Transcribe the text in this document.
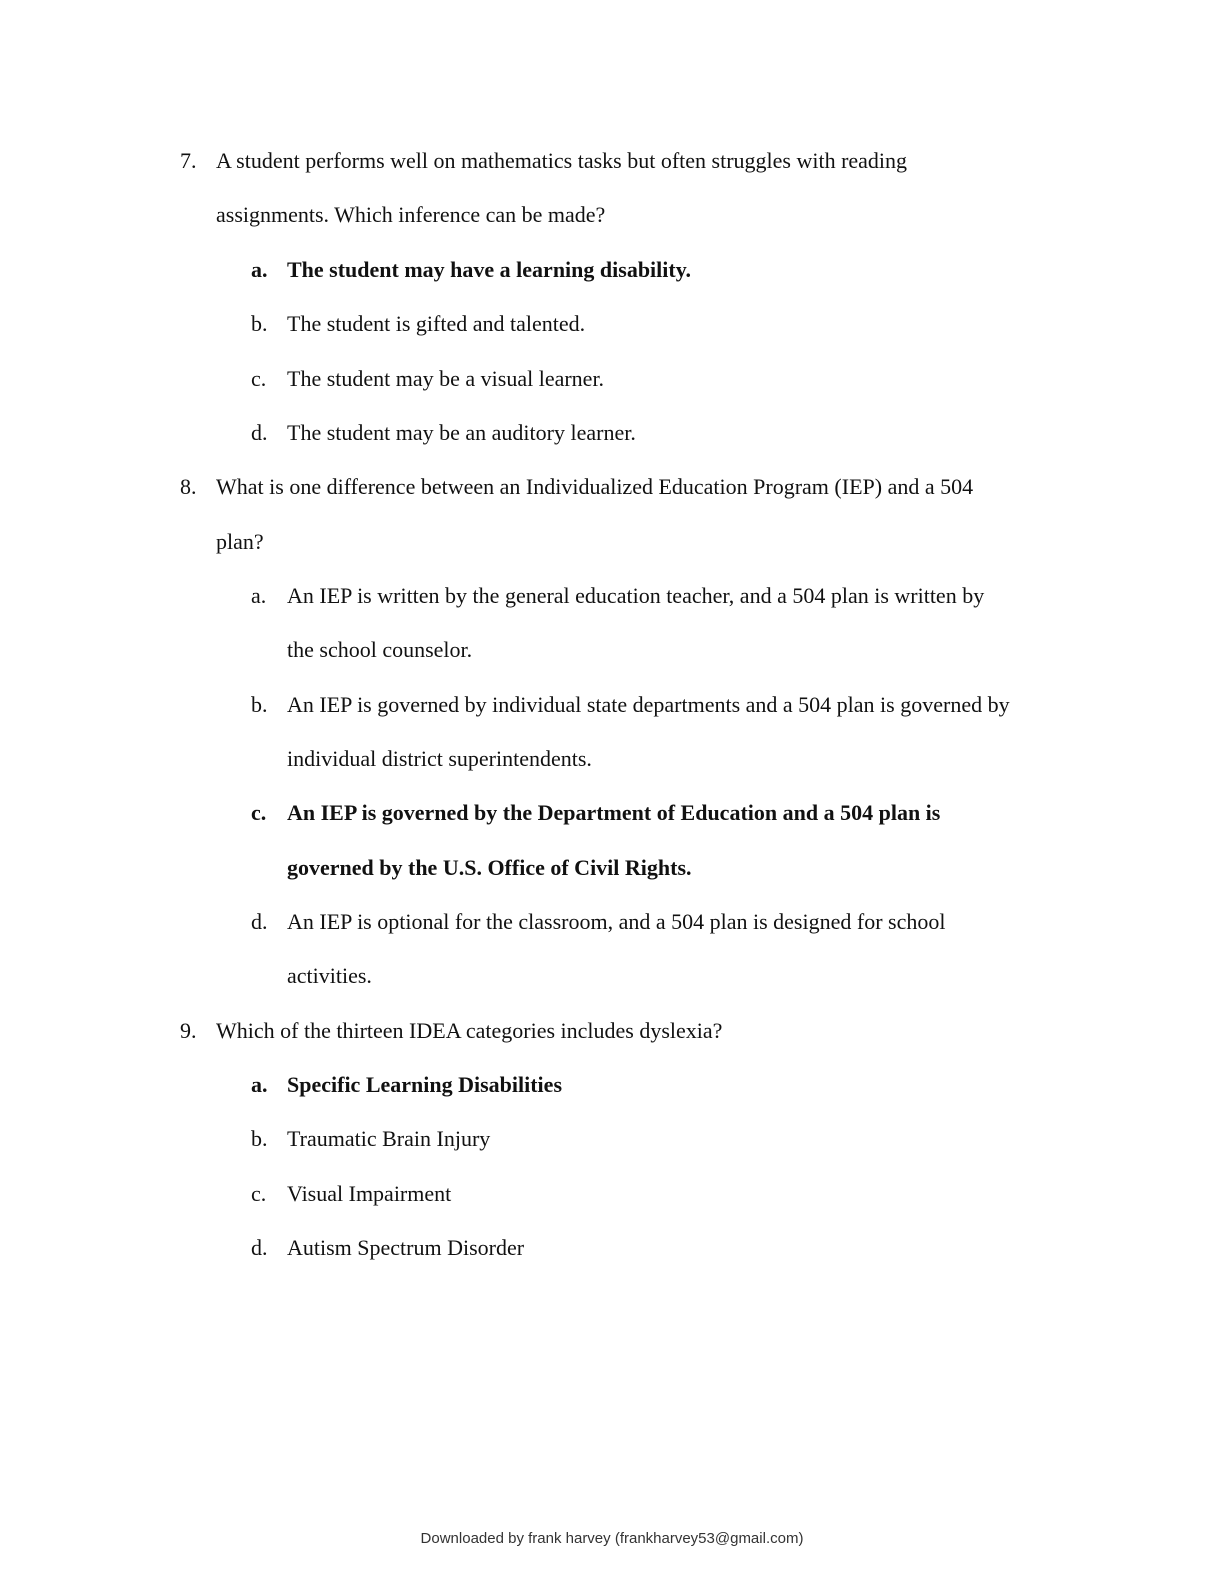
7. A student performs well on mathematics tasks but often struggles with reading
assignments. Which inference can be made?
a. The student may have a learning disability.
b. The student is gifted and talented.
c. The student may be a visual learner.
d. The student may be an auditory learner.
8. What is one difference between an Individualized Education Program (IEP) and a 504
plan?
a. An IEP is written by the general education teacher, and a 504 plan is written by
the school counselor.
b. An IEP is governed by individual state departments and a 504 plan is governed by
individual district superintendents.
c. An IEP is governed by the Department of Education and a 504 plan is
governed by the U.S. Office of Civil Rights.
d. An IEP is optional for the classroom, and a 504 plan is designed for school
activities.
9. Which of the thirteen IDEA categories includes dyslexia?
a. Specific Learning Disabilities
b. Traumatic Brain Injury
c. Visual Impairment
d. Autism Spectrum Disorder
Downloaded by frank harvey (frankharvey53@gmail.com)
